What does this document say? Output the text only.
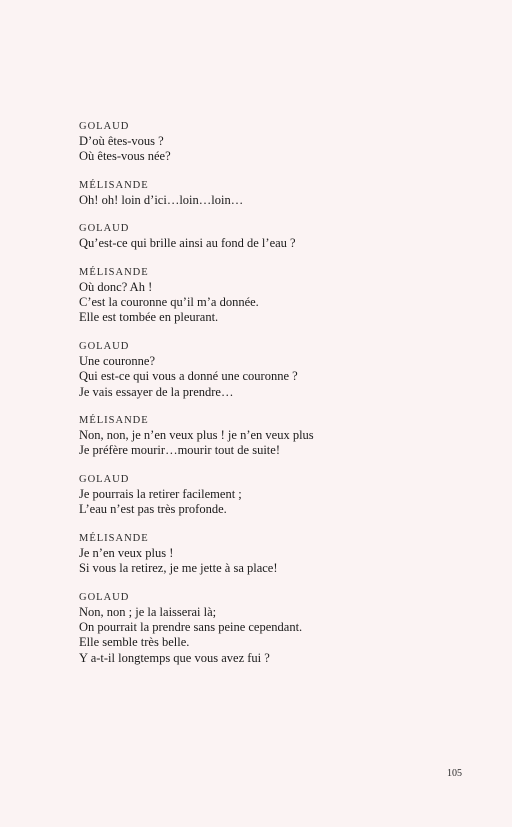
GOLAUD
D’où êtes-vous ?
Où êtes-vous née?
MÉLISANDE
Oh! oh! loin d’ici…loin…loin…
GOLAUD
Qu’est-ce qui brille ainsi au fond de l’eau ?
MÉLISANDE
Où donc? Ah !
C’est la couronne qu’il m’a donnée.
Elle est tombée en pleurant.
GOLAUD
Une couronne?
Qui est-ce qui vous a donné une couronne ?
Je vais essayer de la prendre…
MÉLISANDE
Non, non, je n’en veux plus ! je n’en veux plus
Je préfère mourir…mourir tout de suite!
GOLAUD
Je pourrais la retirer facilement ;
L’eau n’est pas très profonde.
MÉLISANDE
Je n’en veux plus !
Si vous la retirez, je me jette à sa place!
GOLAUD
Non, non ; je la laisserai là;
On pourrait la prendre sans peine cependant.
Elle semble très belle.
Y a-t-il longtemps que vous avez fui ?
105
